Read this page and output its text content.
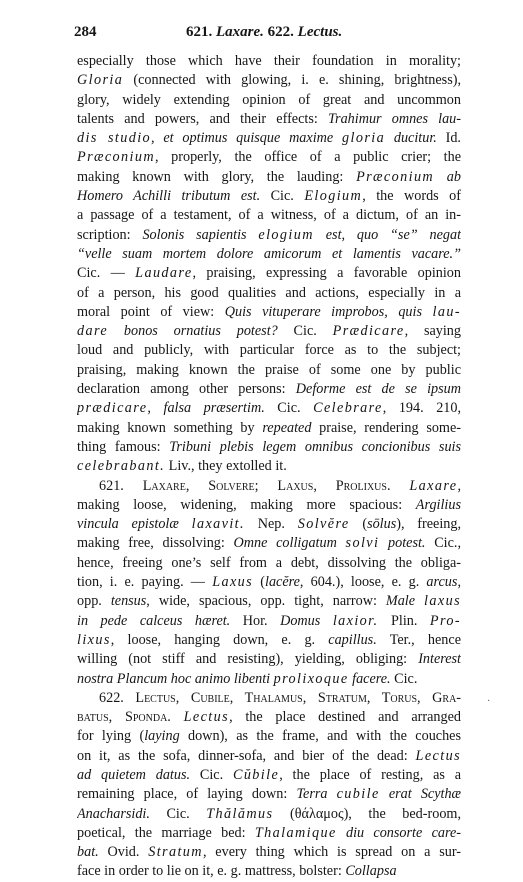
284	621. Laxare. 622. Lectus.
especially those which have their foundation in morality;
Gloria (connected with glowing, i. e. shining, brightness),
glory, widely extending opinion of great and uncommon
talents and powers, and their effects: Trahimur omnes lau-
dis studio, et optimus quisque maxime gloria ducitur. Id.
Præconium, properly, the office of a public crier; the
making known with glory, the lauding: Præconium ab
Homero Achilli tributum est. Cic. Elogium, the words of
a passage of a testament, of a witness, of a dictum, of an in-
scription: Solonis sapientis elogium est, quo “se” negat
“velle suam mortem dolore amicorum et lamentis vacare.”
Cic. — Laudare, praising, expressing a favorable opinion
of a person, his good qualities and actions, especially in a
moral point of view: Quis vituperare improbos, quis lau-
dare bonos ornatius potest? Cic. Prædicare, saying
loud and publicly, with particular force as to the subject;
praising, making known the praise of some one by public
declaration among other persons: Deforme est de se ipsum
prædicare, falsa præsertim. Cic. Celebrare, 194. 210,
making known something by repeated praise, rendering some-
thing famous: Tribuni plebis legem omnibus concionibus suis
celebrabant. Liv., they extolled it.
621. Laxare, Solvere; Laxus, Prolixus. Laxare,
making loose, widening, making more spacious: Argilius
vincula epistolæ laxavit. Nep. Solvĕre (sōlus), freeing,
making free, dissolving: Omne colligatum solvi potest. Cic.,
hence, freeing one’s self from a debt, dissolving the obliga-
tion, i. e. paying. — Laxus (lacĕre, 604.), loose, e. g. arcus,
opp. tensus, wide, spacious, opp. tight, narrow: Male laxus
in pede calceus hæret. Hor. Domus laxior. Plin. Pro-
lixus, loose, hanging down, e. g. capillus. Ter., hence
willing (not stiff and resisting), yielding, obliging: Interest
nostra Plancum hoc animo libenti prolixoque facere. Cic.
622. Lectus, Cubile, Thalamus, Stratum, Torus, Gra-
batus, Sponda. Lectus, the place destined and arranged
for lying (laying down), as the frame, and with the couches
on it, as the sofa, dinner-sofa, and bier of the dead: Lectus
ad quietem datus. Cic. Cŭbile, the place of resting, as a
remaining place, of laying down: Terra cubile erat Scythæ
Anacharsidi. Cic. Thălămus (θάλαμος), the bed-room,
poetical, the marriage bed: Thalamique diu consorte care-
bat. Ovid. Stratum, every thing which is spread on a sur-
face in order to lie on it, e. g. mattress, bolster: Collapsa
·
